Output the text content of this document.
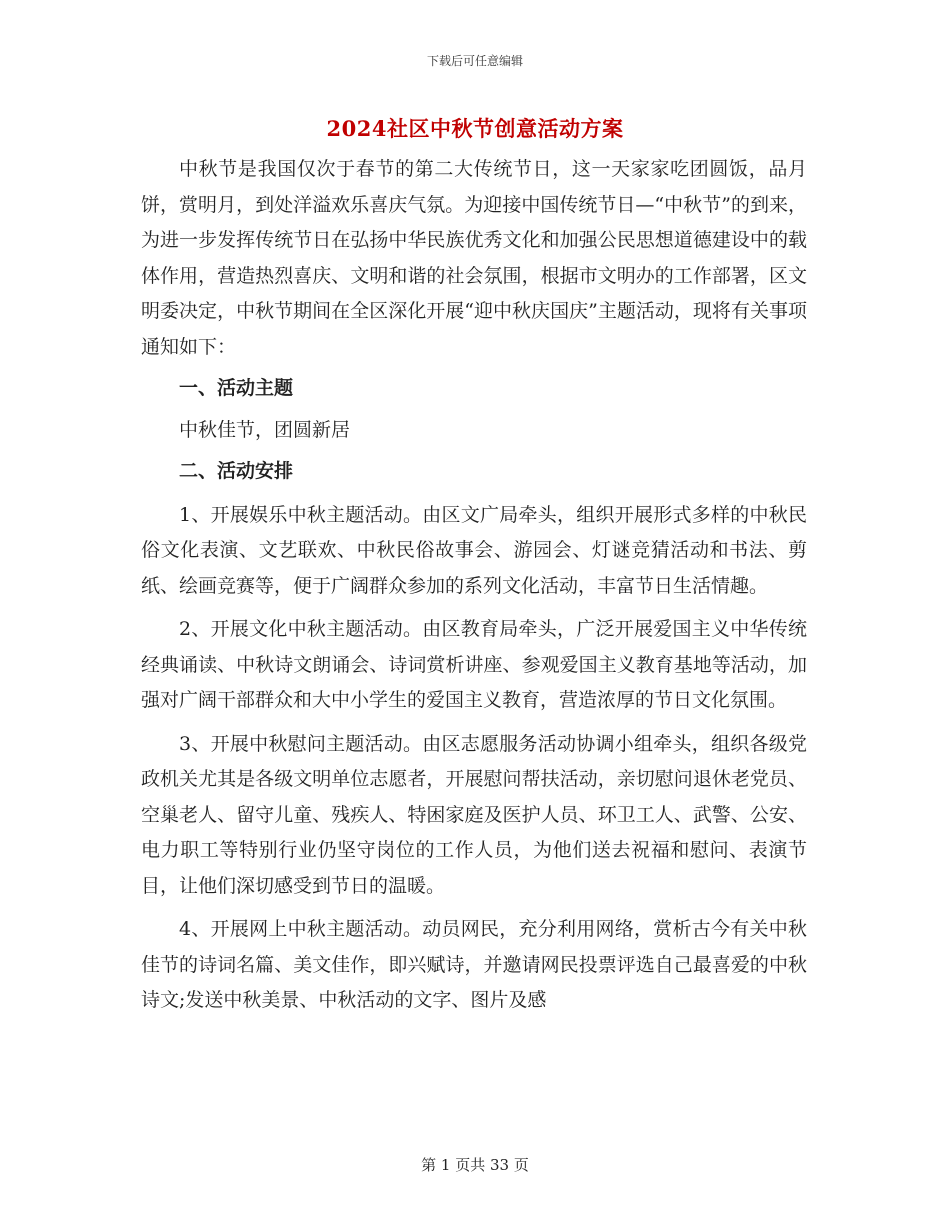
下载后可任意编辑
2024社区中秋节创意活动方案

中秋节是我国仅次于春节的第二大传统节日，这一天家家吃团圆饭，品月饼，赏明月，到处洋溢欢乐喜庆气氛。为迎接中国传统节日—“中秋节”的到来，为进一步发挥传统节日在弘扬中华民族优秀文化和加强公民思想道德建设中的载体作用，营造热烈喜庆、文明和谐的社会氛围，根据市文明办的工作部署，区文明委决定，中秋节期间在全区深化开展“迎中秋庆国庆”主题活动，现将有关事项通知如下：

一、活动主题

中秋佳节，团圆新居

二、活动安排

1、开展娱乐中秋主题活动。由区文广局牵头，组织开展形式多样的中秋民俗文化表演、文艺联欢、中秋民俗故事会、游园会、灯谜竞猜活动和书法、剪纸、绘画竞赛等，便于广阔群众参加的系列文化活动，丰富节日生活情趣。

2、开展文化中秋主题活动。由区教育局牵头，广泛开展爱国主义中华传统经典诵读、中秋诗文朗诵会、诗词赏析讲座、参观爱国主义教育基地等活动，加强对广阔干部群众和大中小学生的爱国主义教育，营造浓厚的节日文化氛围。

3、开展中秋慰问主题活动。由区志愿服务活动协调小组牵头，组织各级党政机关尤其是各级文明单位志愿者，开展慰问帮扶活动，亲切慰问退休老党员、空巢老人、留守儿童、残疾人、特困家庭及医护人员、环卫工人、武警、公安、电力职工等特别行业仍坚守岗位的工作人员，为他们送去祝福和慰问、表演节目，让他们深切感受到节日的温暖。

4、开展网上中秋主题活动。动员网民，充分利用网络，赏析古今有关中秋佳节的诗词名篇、美文佳作，即兴赋诗，并邀请网民投票评选自己最喜爱的中秋诗文;发送中秋美景、中秋活动的文字、图片及感

第 1 页共 33 页
